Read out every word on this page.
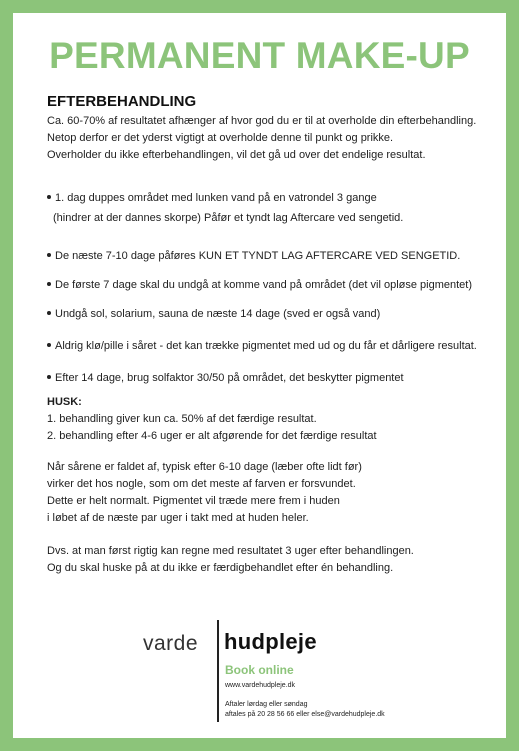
PERMANENT MAKE-UP
EFTERBEHANDLING
Ca. 60-70% af resultatet afhænger af hvor god du er til at overholde din efterbehandling.
Netop derfor er det yderst vigtigt at overholde denne til punkt og prikke.
Overholder du ikke efterbehandlingen, vil det gå ud over det endelige resultat.
1. dag duppes området med lunken vand på en vatrondel 3 gange
(hindrer at der dannes skorpe) Påfør et tyndt lag Aftercare ved sengetid.
De næste 7-10 dage påføres KUN ET TYNDT LAG AFTERCARE VED SENGETID.
De første 7 dage skal du undgå at komme vand på området (det vil opløse pigmentet)
Undgå sol, solarium, sauna de næste 14 dage (sved er også vand)
Aldrig klø/pille i såret - det kan trække pigmentet med ud og du får et dårligere resultat.
Efter 14 dage, brug solfaktor 30/50 på området, det beskytter pigmentet
HUSK:
1. behandling giver kun ca. 50% af det færdige resultat.
2. behandling efter 4-6 uger er alt afgørende for det færdige resultat
Når sårene er faldet af, typisk efter 6-10 dage (læber ofte lidt før)
virker det hos nogle, som om det meste af farven er forsvundet.
Dette er helt normalt. Pigmentet vil træde mere frem i huden
i løbet af de næste par uger i takt med at huden heler.
Dvs. at man først rigtig kan regne med resultatet 3 uger efter behandlingen.
Og du skal huske på at du ikke er færdigbehandlet efter én behandling.
varde hudpleje
Book online
www.vardehudpleje.dk
Aftaler lørdag eller søndag
aftales på 20 28 56 66 eller else@vardehudpleje.dk
